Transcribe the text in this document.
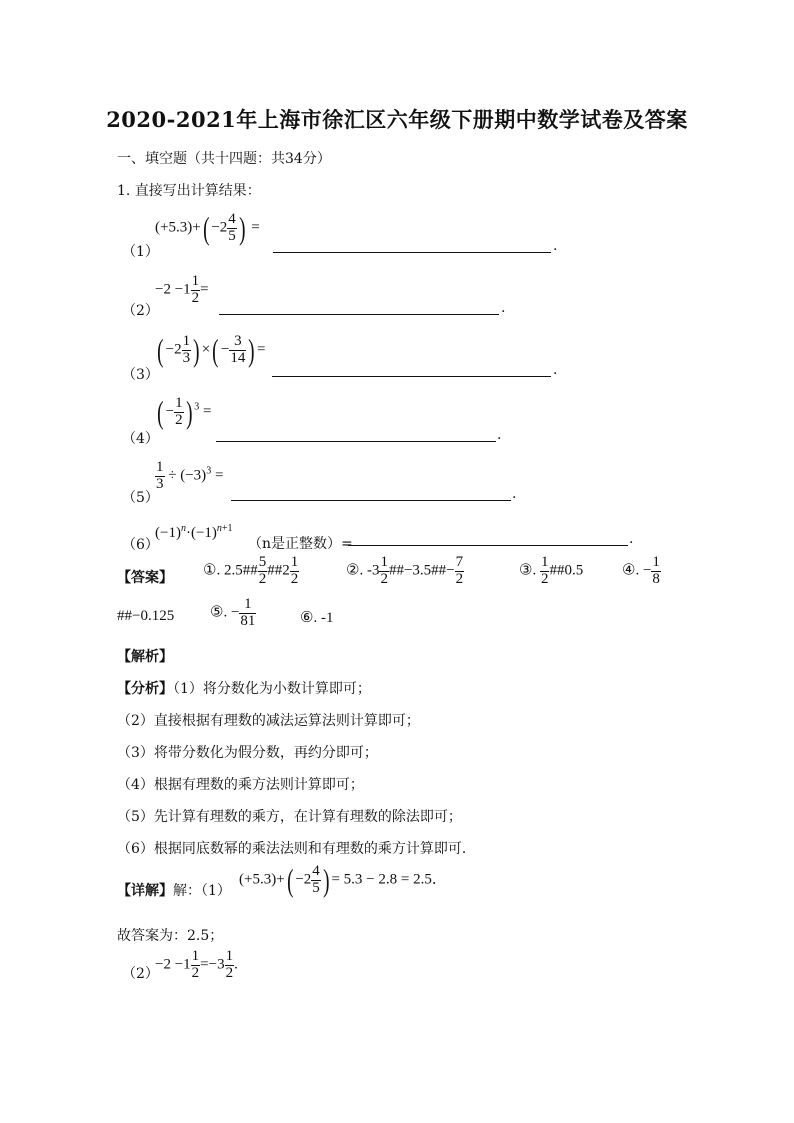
2020-2021年上海市徐汇区六年级下册期中数学试卷及答案
一、填空题（共十四题：共34分）
1. 直接写出计算结果：
（1）
$(+5.3)+( -2 \frac{4}{5}$ ) =
.
（2）
$-2 -1 \frac{1}{2}$ =
.
（3）
( $-2 \frac{1}{3}$ ) ×( − $\frac{3}{14}$ ) =
.
（4）
( − $\frac{1}{2}$ ) $^3$ =
.
（5）
$\frac{1}{3} \div (-3)^3$ =
.
（6）
$(-1)^n\cdot(-1)^{n+1}$
（n是正整数）=	.
【答案】 ①. 2.5## $\frac{5}{2}$ ##2 $\frac{1}{2}$	②. $-3 \frac{1}{2}$ ##−3.5##− $\frac{7}{2}$	③. $\frac{1}{2}$ ##0.5	④. − $\frac{1}{8}$
##−0.125 ⑤. − $\frac{1}{81}$	⑥. -1
【解析】
【分析】（1）将分数化为小数计算即可；
（2）直接根据有理数的减法运算法则计算即可；
（3）将带分数化为假分数，再约分即可；
（4）根据有理数的乘方法则计算即可；
（5）先计算有理数的乘方，在计算有理数的除法即可；
（6）根据同底数幂的乘法法则和有理数的乘方计算即可．
【详解】解：（1）
$(+5.3)+( -2 \frac{4}{5}$ ) = 5.3 − 2.8 = 2.5．
故答案为：2.5；
（2）
$-2 -1 \frac{1}{2} =-3 \frac{1}{2}$ .
